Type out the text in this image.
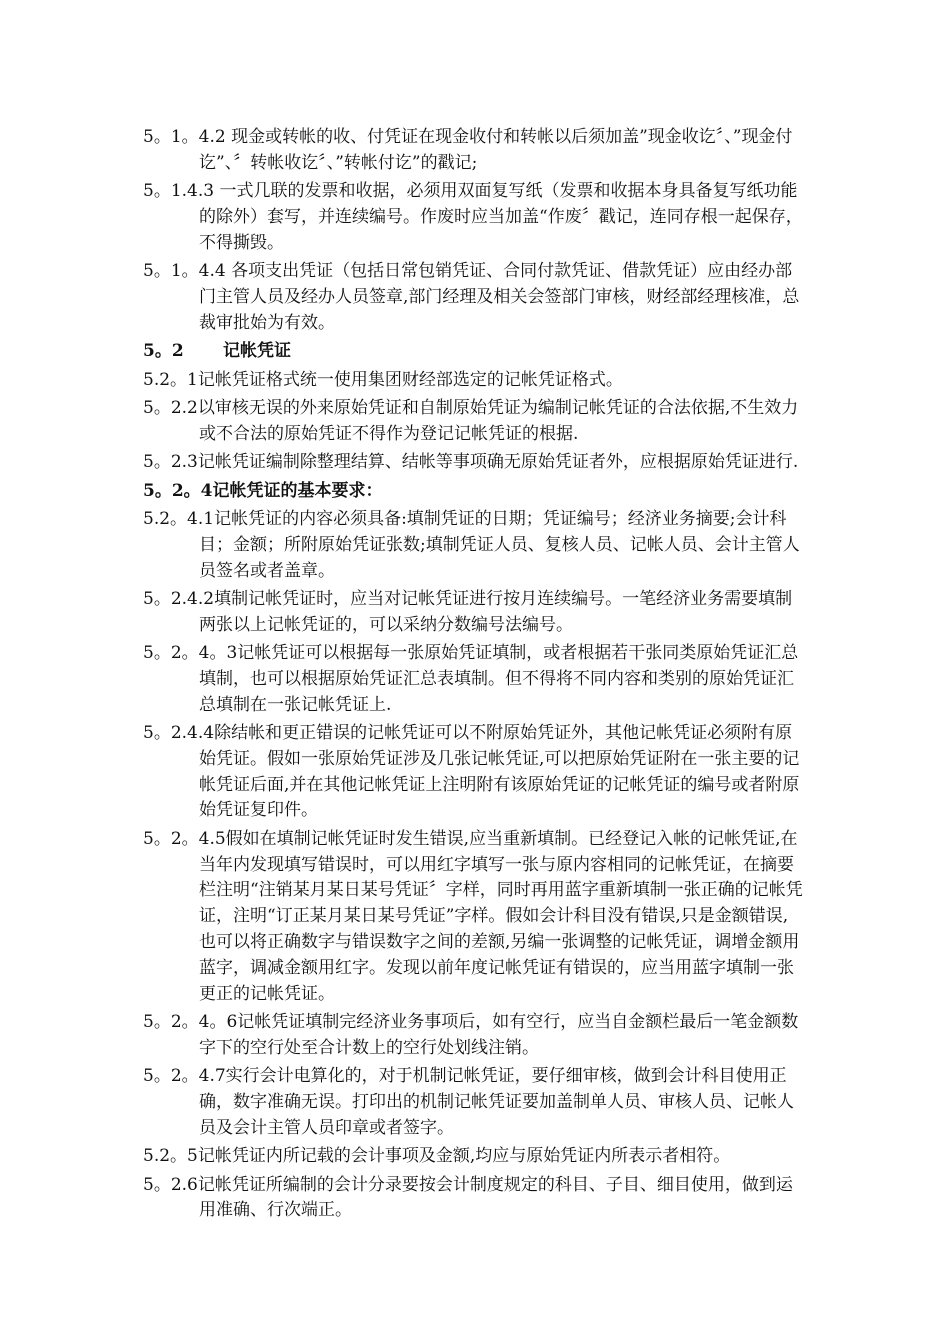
5。1。4.2 现金或转帐的收、付凭证在现金收付和转帐以后须加盖”现金收讫〞、”现金付讫”、〞转帐收讫〞、”转帐付讫”的戳记;
5。1.4.3 一式几联的发票和收据，必须用双面复写纸（发票和收据本身具备复写纸功能的除外）套写，并连续编号。作废时应当加盖“作废〞戳记，连同存根一起保存，不得撕毁。
5。1。4.4 各项支出凭证（包括日常包销凭证、合同付款凭证、借款凭证）应由经办部门主管人员及经办人员签章,部门经理及相关会签部门审核，财经部经理核准，总裁审批始为有效。
5。2 记帐凭证
5.2。1记帐凭证格式统一使用集团财经部选定的记帐凭证格式。
5。2.2以审核无误的外来原始凭证和自制原始凭证为编制记帐凭证的合法依据,不生效力或不合法的原始凭证不得作为登记记帐凭证的根据.
5。2.3记帐凭证编制除整理结算、结帐等事项确无原始凭证者外，应根据原始凭证进行.
5。2。4记帐凭证的基本要求：
5.2。4.1记帐凭证的内容必须具备:填制凭证的日期；凭证编号；经济业务摘要;会计科目；金额；所附原始凭证张数;填制凭证人员、复核人员、记帐人员、会计主管人员签名或者盖章。
5。2.4.2填制记帐凭证时，应当对记帐凭证进行按月连续编号。一笔经济业务需要填制两张以上记帐凭证的，可以采纳分数编号法编号。
5。2。4。3记帐凭证可以根据每一张原始凭证填制，或者根据若干张同类原始凭证汇总填制，也可以根据原始凭证汇总表填制。但不得将不同内容和类别的原始凭证汇总填制在一张记帐凭证上.
5。2.4.4除结帐和更正错误的记帐凭证可以不附原始凭证外，其他记帐凭证必须附有原始凭证。假如一张原始凭证涉及几张记帐凭证,可以把原始凭证附在一张主要的记帐凭证后面,并在其他记帐凭证上注明附有该原始凭证的记帐凭证的编号或者附原始凭证复印件。
5。2。4.5假如在填制记帐凭证时发生错误,应当重新填制。已经登记入帐的记帐凭证,在当年内发现填写错误时，可以用红字填写一张与原内容相同的记帐凭证，在摘要栏注明“注销某月某日某号凭证〞字样，同时再用蓝字重新填制一张正确的记帐凭证，注明“订正某月某日某号凭证”字样。假如会计科目没有错误,只是金额错误,也可以将正确数字与错误数字之间的差额,另编一张调整的记帐凭证，调增金额用蓝字，调减金额用红字。发现以前年度记帐凭证有错误的，应当用蓝字填制一张更正的记帐凭证。
5。2。4。6记帐凭证填制完经济业务事项后，如有空行，应当自金额栏最后一笔金额数字下的空行处至合计数上的空行处划线注销。
5。2。4.7实行会计电算化的，对于机制记帐凭证，要仔细审核，做到会计科目使用正确，数字准确无误。打印出的机制记帐凭证要加盖制单人员、审核人员、记帐人员及会计主管人员印章或者签字。
5.2。5记帐凭证内所记载的会计事项及金额,均应与原始凭证内所表示者相符。
5。2.6记帐凭证所编制的会计分录要按会计制度规定的科目、子目、细目使用，做到运用准确、行次端正。
